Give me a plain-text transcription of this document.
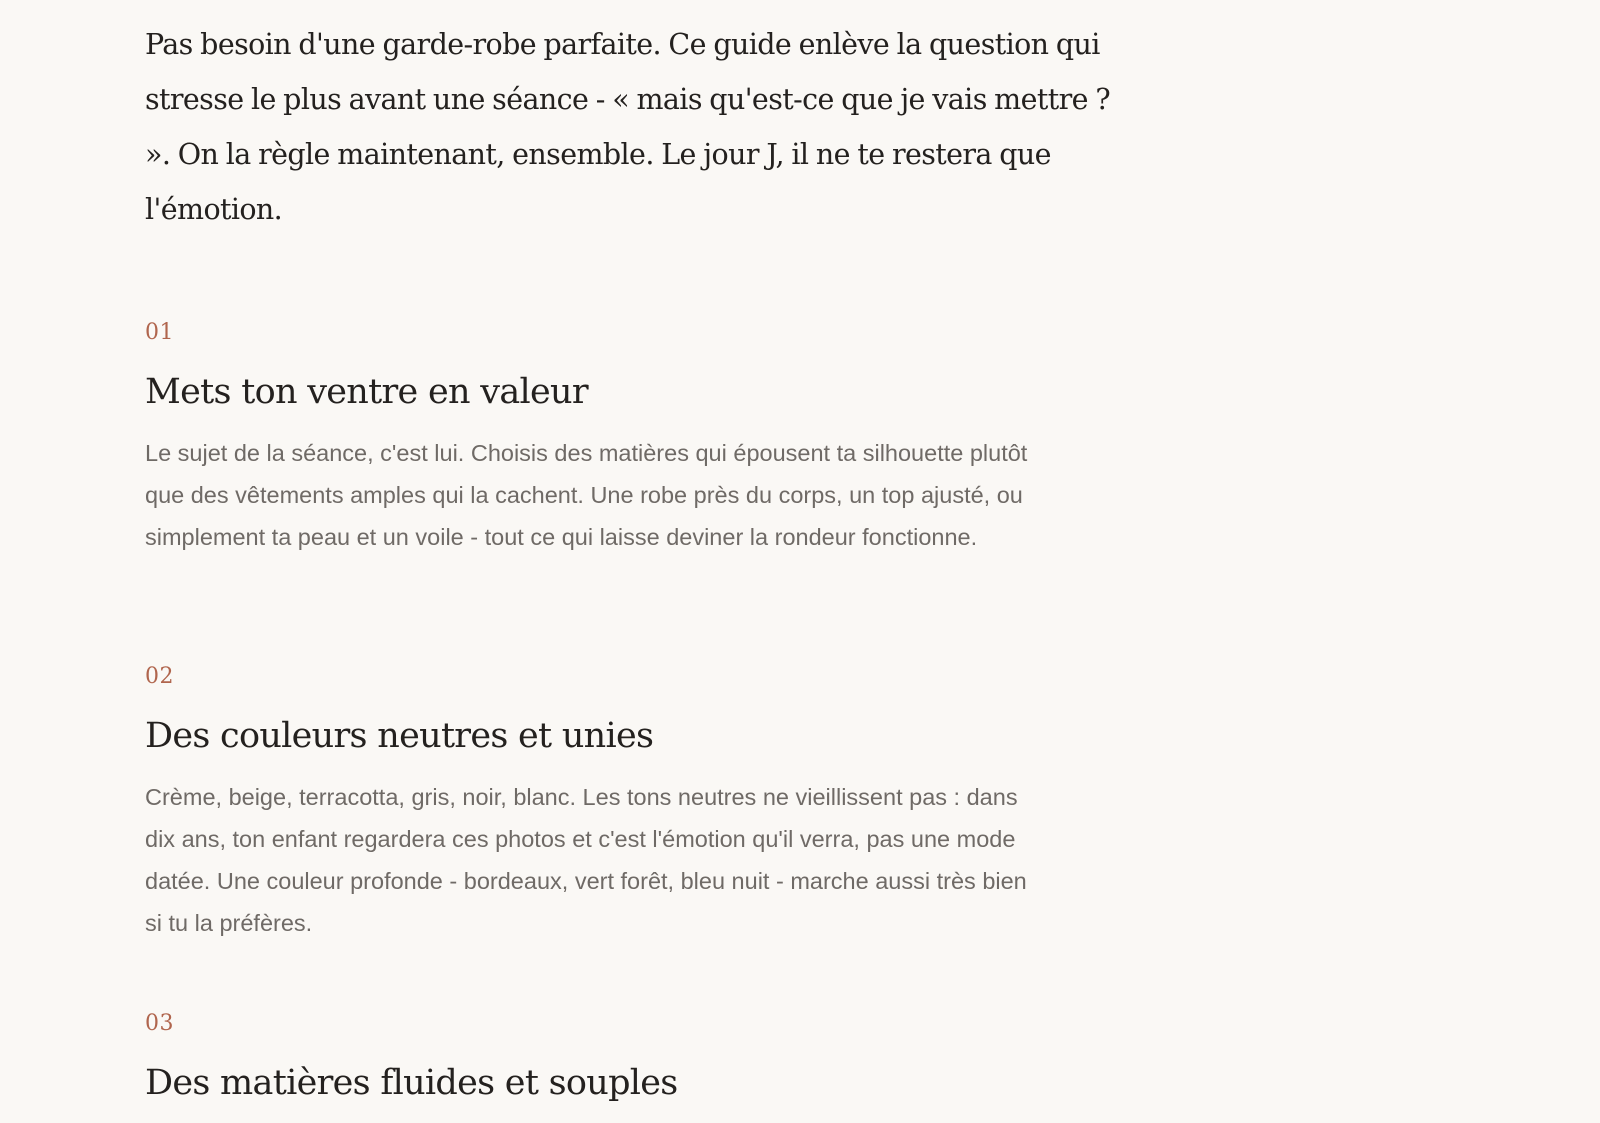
Pas besoin d'une garde-robe parfaite. Ce guide enlève la question qui stresse le plus avant une séance - « mais qu'est-ce que je vais mettre ? ». On la règle maintenant, ensemble. Le jour J, il ne te restera que l'émotion.

01
Mets ton ventre en valeur

Le sujet de la séance, c'est lui. Choisis des matières qui épousent ta silhouette plutôt que des vêtements amples qui la cachent. Une robe près du corps, un top ajusté, ou simplement ta peau et un voile - tout ce qui laisse deviner la rondeur fonctionne.

02
Des couleurs neutres et unies

Crème, beige, terracotta, gris, noir, blanc. Les tons neutres ne vieillissent pas : dans dix ans, ton enfant regardera ces photos et c'est l'émotion qu'il verra, pas une mode datée. Une couleur profonde - bordeaux, vert forêt, bleu nuit - marche aussi très bien si tu la préfères.

03
Des matières fluides et souples
